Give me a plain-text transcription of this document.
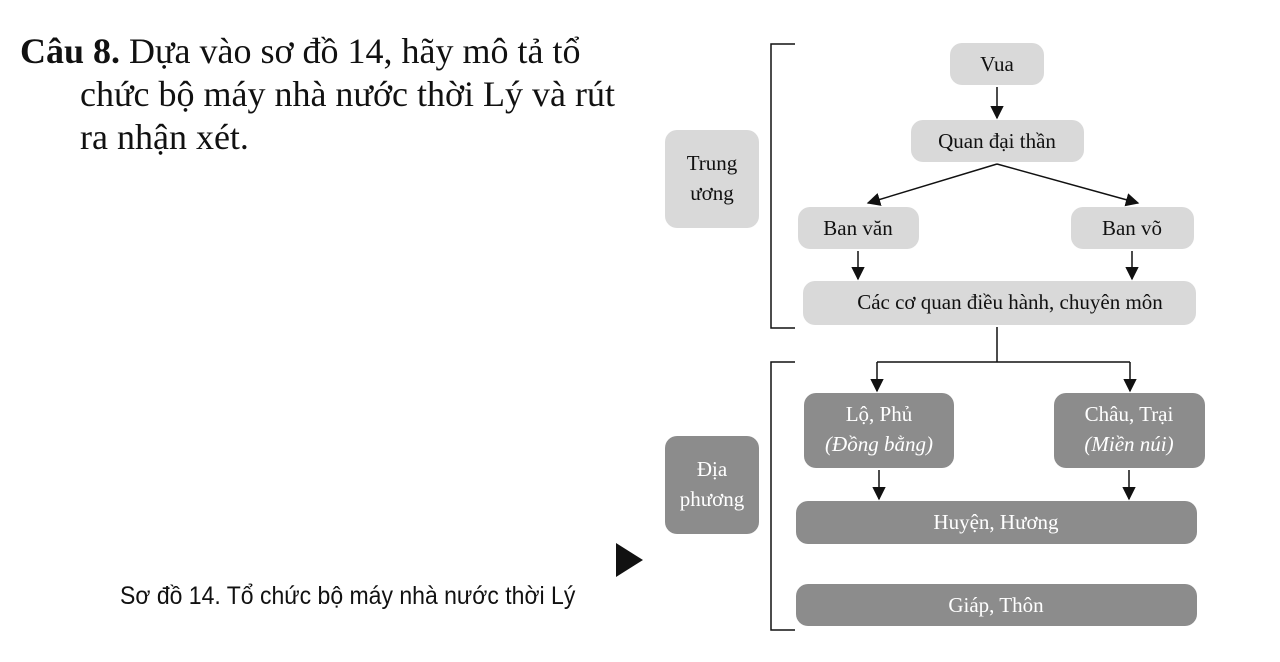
Câu 8. Dựa vào sơ đồ 14, hãy mô tả tổ
chức bộ máy nhà nước thời Lý và rút
ra nhận xét.
Sơ đồ 14. Tổ chức bộ máy nhà nước thời Lý
Trung
ương
Địa
phương
Vua
Quan đại thần
Ban văn	Ban võ
Các cơ quan điều hành, chuyên môn
Lộ, Phủ
(Đồng bằng)
Châu, Trại
(Miền núi)
Huyện, Hương
Giáp, Thôn
